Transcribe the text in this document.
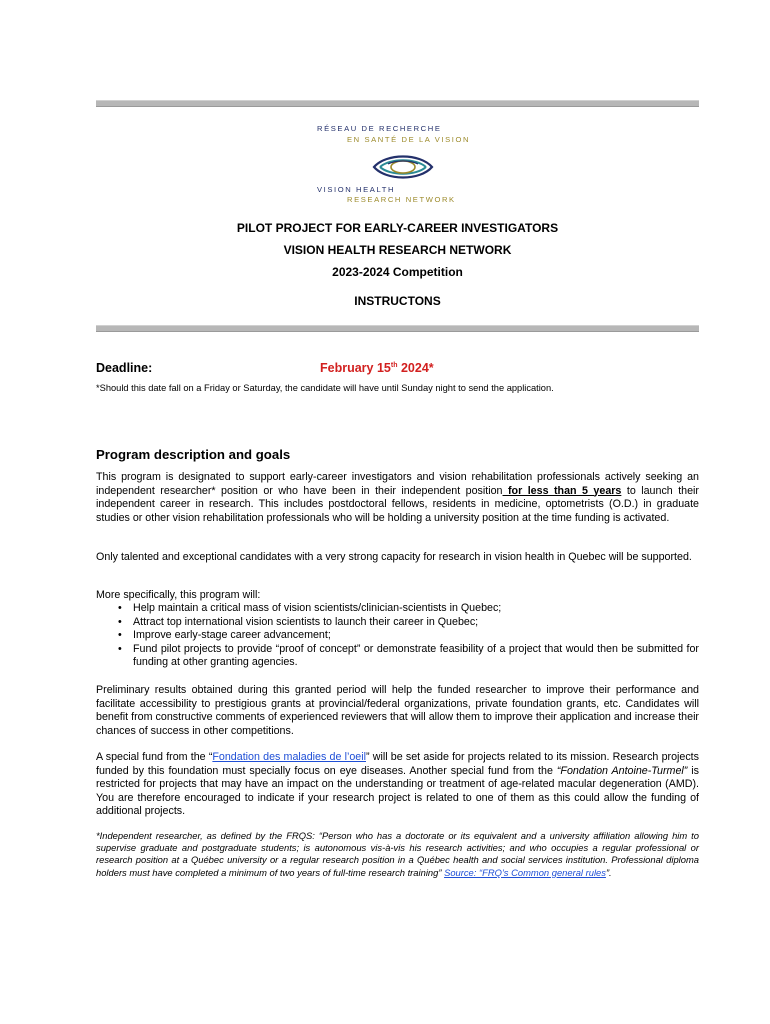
RÉSEAU DE RECHERCHE
EN SANTÉ DE LA VISION
VISION HEALTH
RESEARCH NETWORK
PILOT PROJECT FOR EARLY-CAREER INVESTIGATORS
VISION HEALTH RESEARCH NETWORK
2023-2024 Competition
INSTRUCTONS
Deadline:	February 15th 2024*
*Should this date fall on a Friday or Saturday, the candidate will have until Sunday night to send the application.
Program description and goals

This program is designated to support early-career investigators and vision rehabilitation professionals actively seeking an independent researcher* position or who have been in their independent position for less than 5 years to launch their independent career in research. This includes postdoctoral fellows, residents in medicine, optometrists (O.D.) in graduate studies or other vision rehabilitation professionals who will be holding a university position at the time funding is activated.

Only talented and exceptional candidates with a very strong capacity for research in vision health in Quebec will be supported.

More specifically, this program will:

• Help maintain a critical mass of vision scientists/clinician-scientists in Quebec;
• Attract top international vision scientists to launch their career in Quebec;
• Improve early-stage career advancement;
• Fund pilot projects to provide “proof of concept” or demonstrate feasibility of a project that would then be submitted for funding at other granting agencies.

Preliminary results obtained during this granted period will help the funded researcher to improve their performance and facilitate accessibility to prestigious grants at provincial/federal organizations, private foundation grants, etc. Candidates will benefit from constructive comments of experienced reviewers that will allow them to improve their application and increase their chances of success in other competitions.

A special fund from the “Fondation des maladies de l’oeil” will be set aside for projects related to its mission. Research projects funded by this foundation must specially focus on eye diseases. Another special fund from the “Fondation Antoine-Turmel” is restricted for projects that may have an impact on the understanding or treatment of age-related macular degeneration (AMD). You are therefore encouraged to indicate if your research project is related to one of them as this could allow the funding of additional projects.

*Independent researcher, as defined by the FRQS: “Person who has a doctorate or its equivalent and a university affiliation allowing him to supervise graduate and postgraduate students; is autonomous vis-à-vis his research activities; and who occupies a regular professional or research position at a Québec university or a regular research position in a Québec health and social services institution. Professional diploma holders must have completed a minimum of two years of full-time research training” Source: “FRQ’s Common general rules”.
